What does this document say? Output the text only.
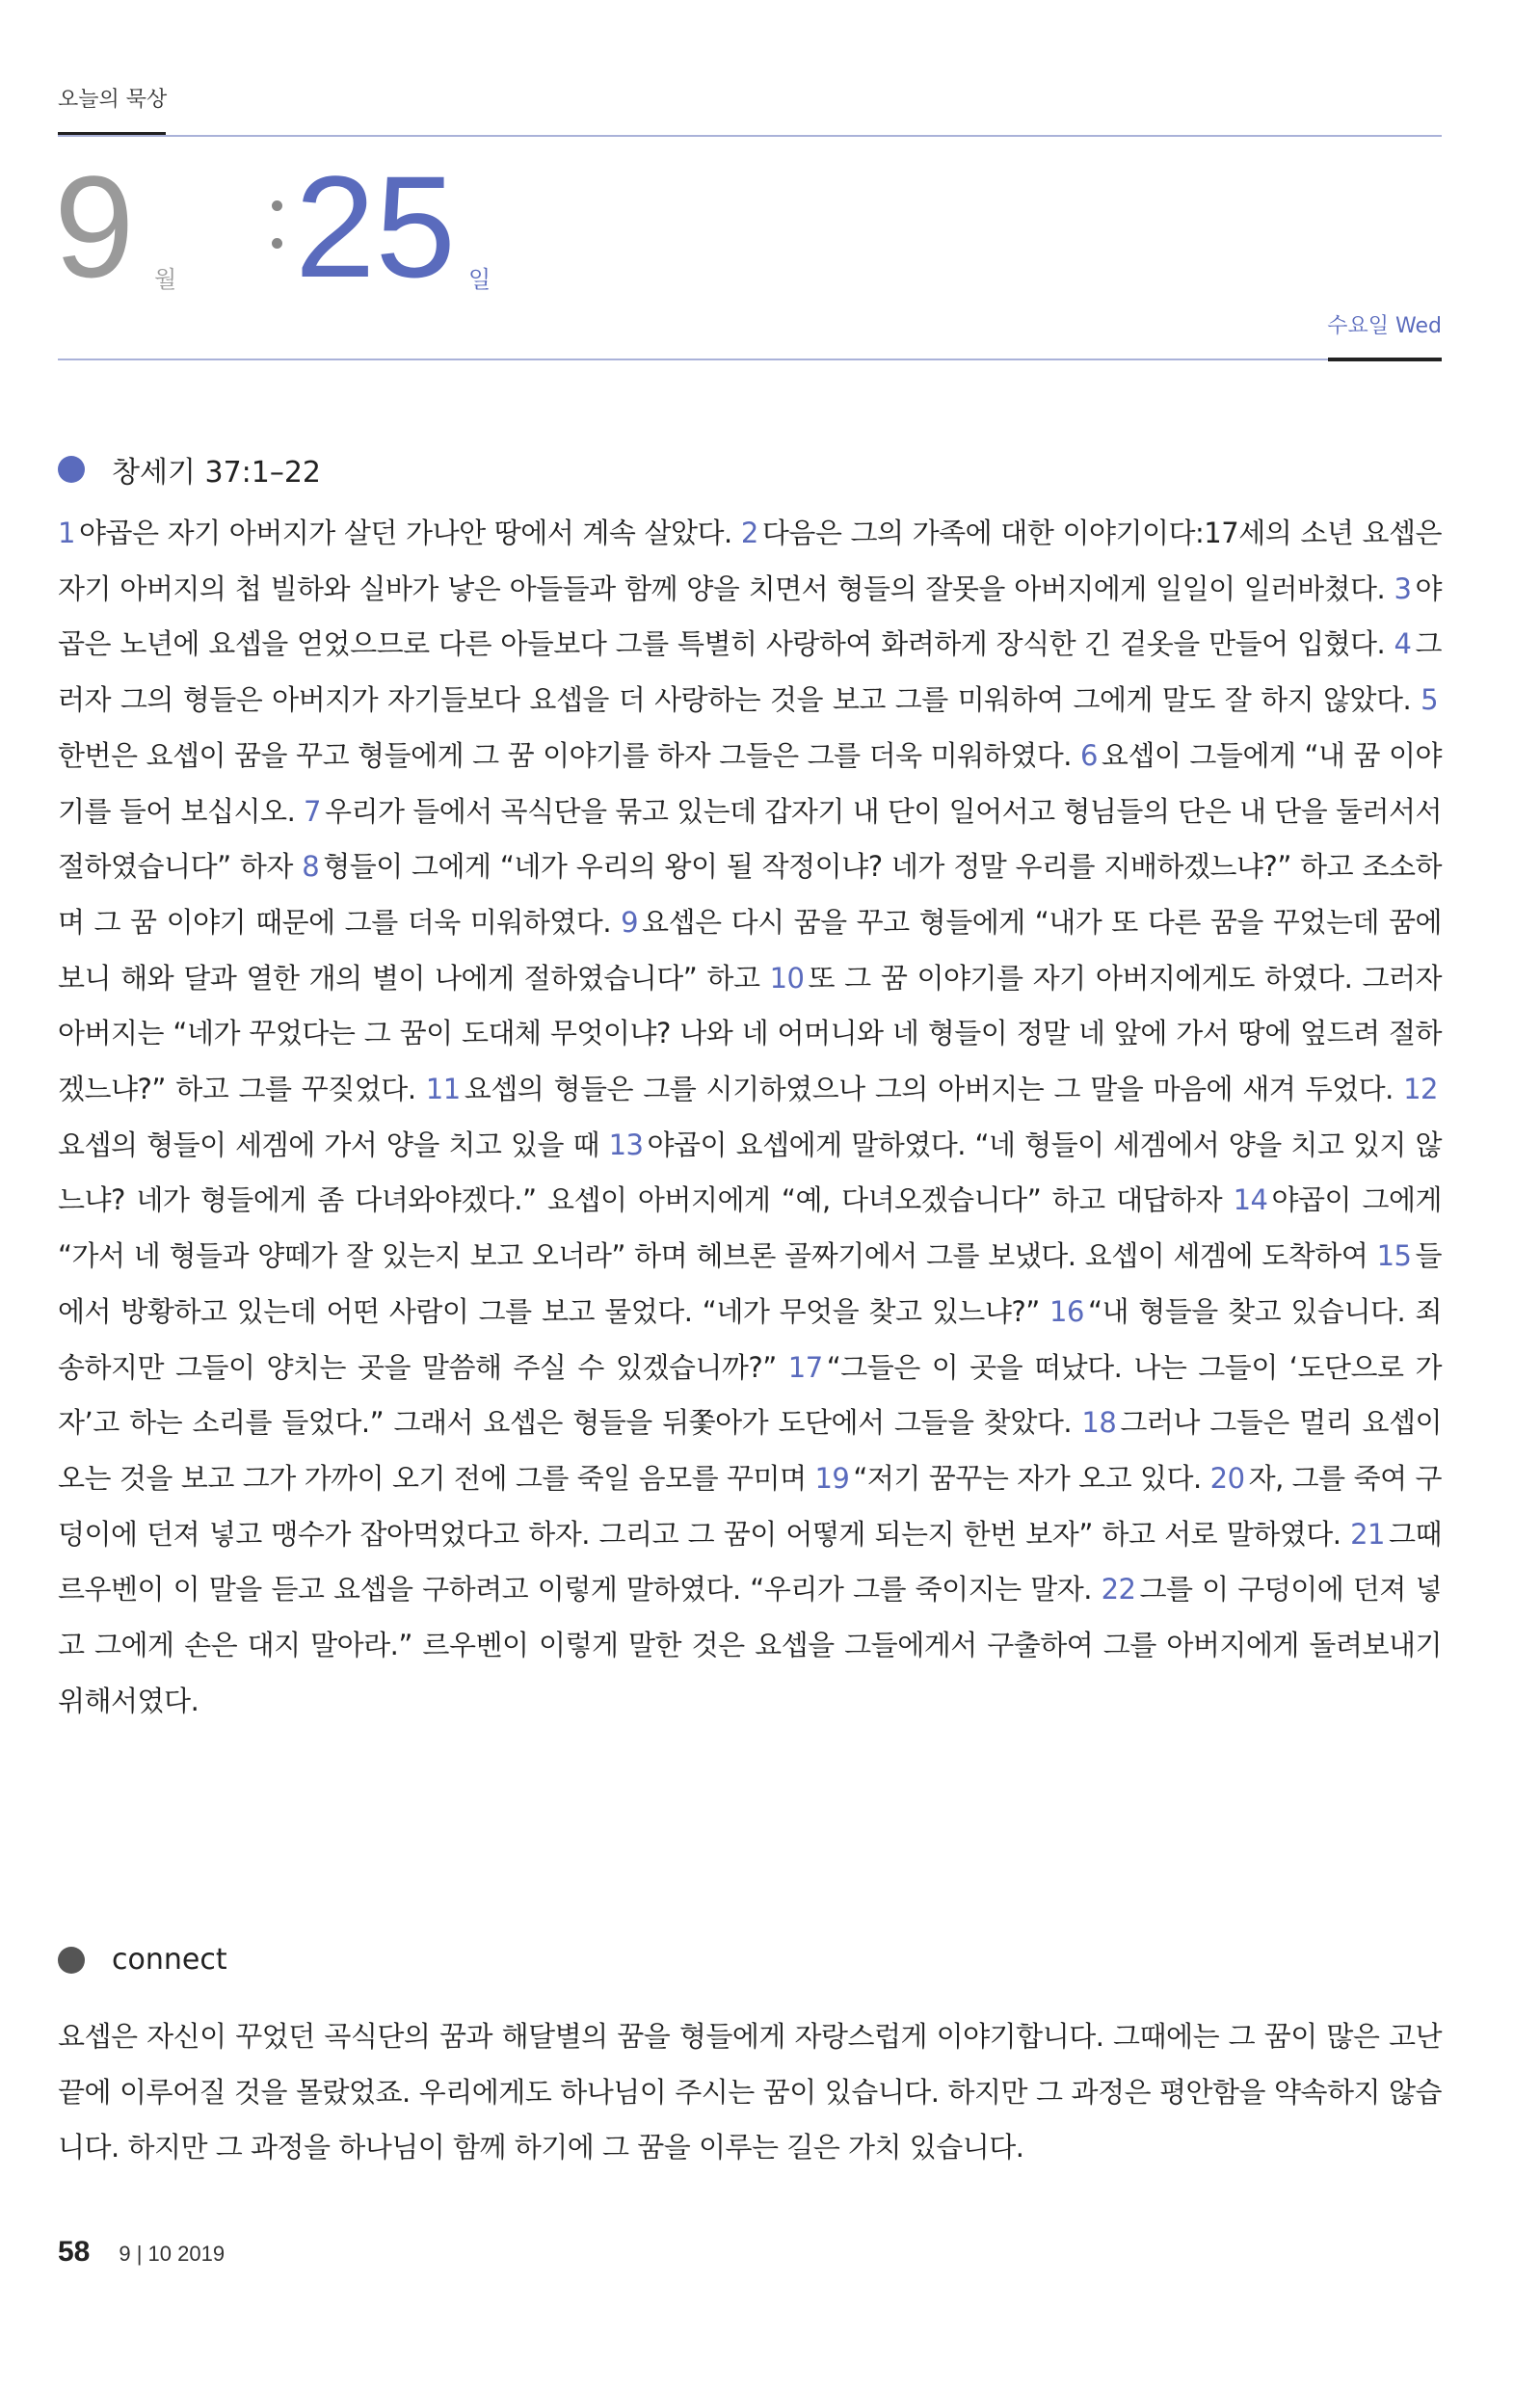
오늘의 묵상
9 월 25 일
수요일 Wed
창세기 37:1–22
1 야곱은 자기 아버지가 살던 가나안 땅에서 계속 살았다. 2 다음은 그의 가족에 대한 이야기이다:17세의 소년 요셉은 자기 아버지의 첩 빌하와 실바가 낳은 아들들과 함께 양을 치면서 형들의 잘못을 아버지에게 일일이 일러바쳤다. 3 야곱은 노년에 요셉을 얻었으므로 다른 아들보다 그를 특별히 사랑하여 화려하게 장식한 긴 겉옷을 만들어 입혔다. 4 그러자 그의 형들은 아버지가 자기들보다 요셉을 더 사랑하는 것을 보고 그를 미워하여 그에게 말도 잘 하지 않았다. 5한번은 요셉이 꿈을 꾸고 형들에게 그 꿈 이야기를 하자 그들은 그를 더욱 미워하였다. 6 요셉이 그들에게 “내 꿈 이야기를 들어 보십시오. 7 우리가 들에서 곡식단을 묶고 있는데 갑자기 내 단이 일어서고 형님들의 단은 내 단을 둘러서서 절하였습니다” 하자 8 형들이 그에게 “네가 우리의 왕이 될 작정이냐? 네가 정말 우리를 지배하겠느냐?” 하고 조소하며 그 꿈 이야기 때문에 그를 더욱 미워하였다. 9 요셉은 다시 꿈을 꾸고 형들에게 “내가 또 다른 꿈을 꾸었는데 꿈에 보니 해와 달과 열한 개의 별이 나에게 절하였습니다” 하고 10 또 그 꿈 이야기를 자기 아버지에게도 하였다. 그러자 아버지는 “네가 꾸었다는 그 꿈이 도대체 무엇이냐? 나와 네 어머니와 네 형들이 정말 네 앞에 가서 땅에 엎드려 절하겠느냐?” 하고 그를 꾸짖었다. 11 요셉의 형들은 그를 시기하였으나 그의 아버지는 그 말을 마음에 새겨 두었다. 12요셉의 형들이 세겜에 가서 양을 치고 있을 때 13 야곱이 요셉에게 말하였다. “네 형들이 세겜에서 양을 치고 있지 않느냐? 네가 형들에게 좀 다녀와야겠다.” 요셉이 아버지에게 “예, 다녀오겠습니다” 하고 대답하자 14 야곱이 그에게 “가서 네 형들과 양떼가 잘 있는지 보고 오너라” 하며 헤브론 골짜기에서 그를 보냈다. 요셉이 세겜에 도착하여 15 들에서 방황하고 있는데 어떤 사람이 그를 보고 물었다. “네가 무엇을 찾고 있느냐?” 16 “내 형들을 찾고 있습니다. 죄송하지만 그들이 양치는 곳을 말씀해 주실 수 있겠습니까?” 17 “그들은 이 곳을 떠났다. 나는 그들이 ‘도단으로 가자’고 하는 소리를 들었다.” 그래서 요셉은 형들을 뒤쫓아가 도단에서 그들을 찾았다. 18 그러나 그들은 멀리 요셉이 오는 것을 보고 그가 가까이 오기 전에 그를 죽일 음모를 꾸미며 19 “저기 꿈꾸는 자가 오고 있다. 20 자, 그를 죽여 구덩이에 던져 넣고 맹수가 잡아먹었다고 하자. 그리고 그 꿈이 어떻게 되는지 한번 보자” 하고 서로 말하였다. 21 그때 르우벤이 이 말을 듣고 요셉을 구하려고 이렇게 말하였다. “우리가 그를 죽이지는 말자. 22 그를 이 구덩이에 던져 넣고 그에게 손은 대지 말아라.” 르우벤이 이렇게 말한 것은 요셉을 그들에게서 구출하여 그를 아버지에게 돌려보내기 위해서였다.
connect
요셉은 자신이 꾸었던 곡식단의 꿈과 해달별의 꿈을 형들에게 자랑스럽게 이야기합니다. 그때에는 그 꿈이 많은 고난 끝에 이루어질 것을 몰랐었죠. 우리에게도 하나님이 주시는 꿈이 있습니다. 하지만 그 과정은 평안함을 약속하지 않습니다. 하지만 그 과정을 하나님이 함께 하기에 그 꿈을 이루는 길은 가치 있습니다.
58 9 | 10 2019
